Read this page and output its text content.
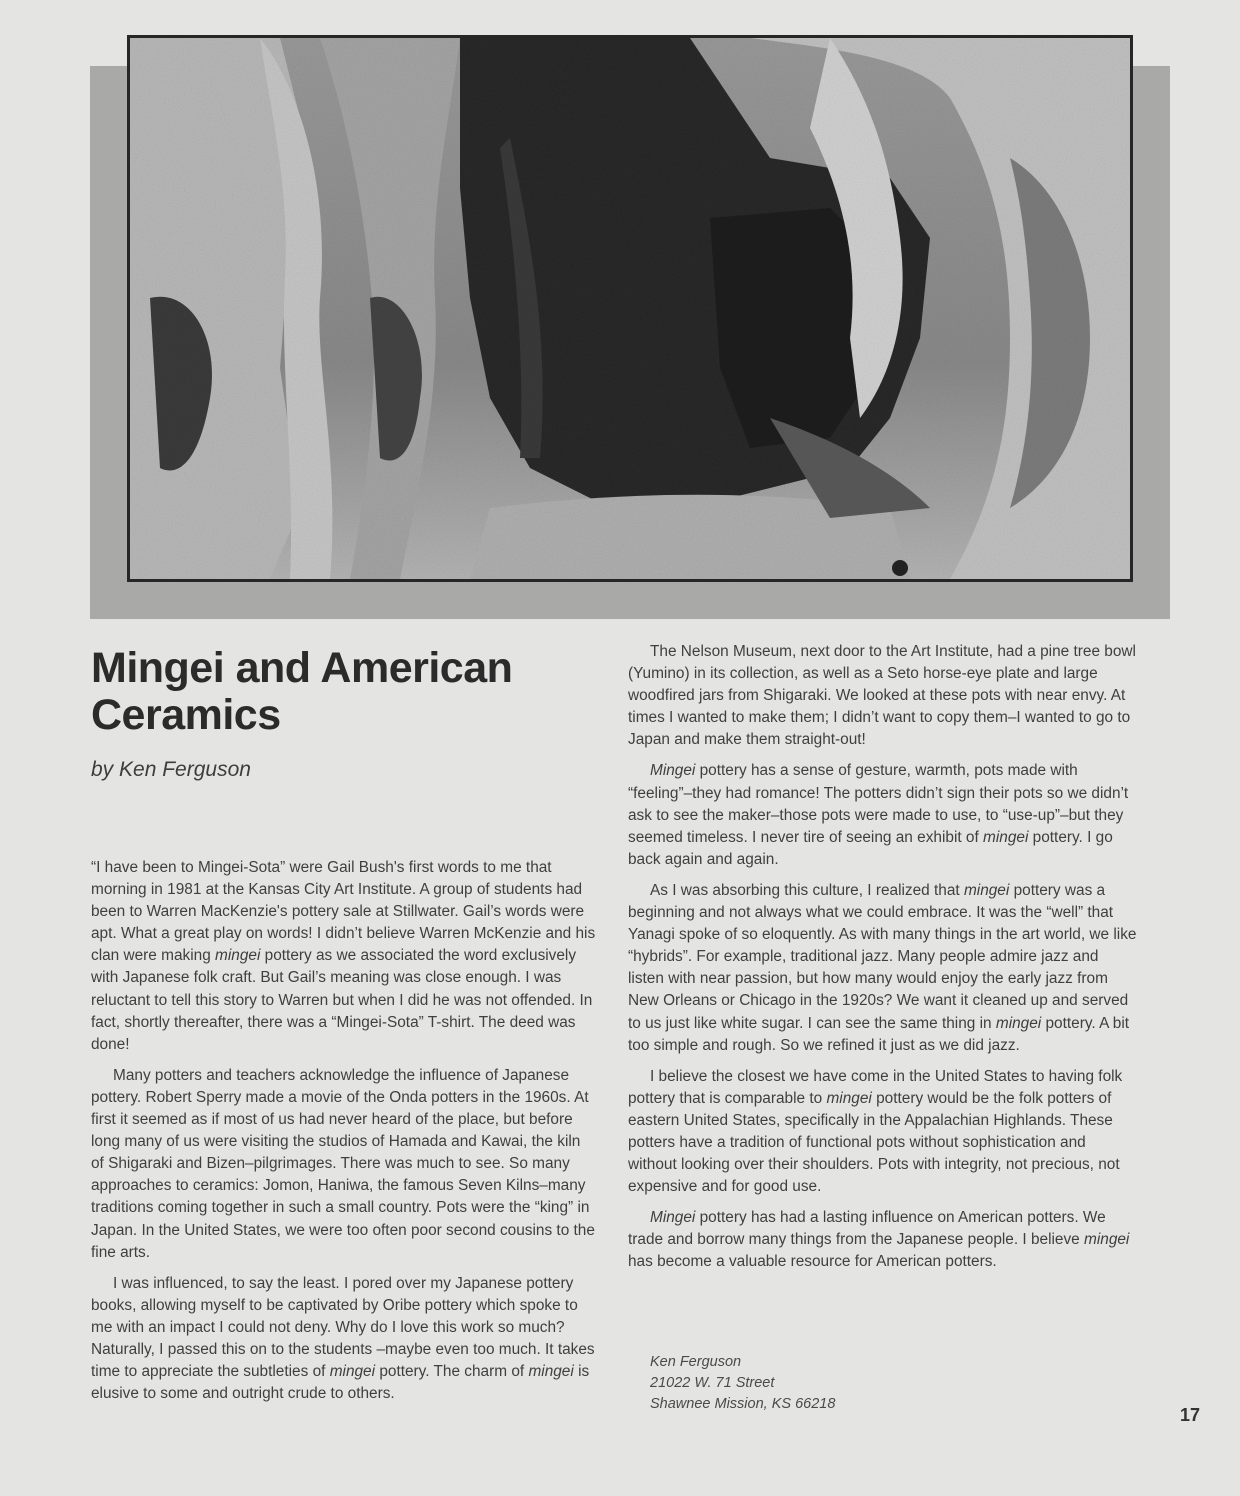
Mingei and American Ceramics
by Ken Ferguson

“I have been to Mingei-Sota” were Gail Bush's first words to me that morning in 1981 at the Kansas City Art Institute. A group of students had been to Warren MacKenzie's pottery sale at Stillwater. Gail’s words were apt. What a great play on words! I didn’t believe Warren McKenzie and his clan were making mingei pottery as we associated the word exclusively with Japanese folk craft. But Gail’s meaning was close enough. I was reluctant to tell this story to Warren but when I did he was not offended. In fact, shortly thereafter, there was a “Mingei-Sota” T-shirt. The deed was done!

Many potters and teachers acknowledge the influence of Japanese pottery. Robert Sperry made a movie of the Onda potters in the 1960s. At first it seemed as if most of us had never heard of the place, but before long many of us were visiting the studios of Hamada and Kawai, the kiln of Shigaraki and Bizen–pilgrimages. There was much to see. So many approaches to ceramics: Jomon, Haniwa, the famous Seven Kilns–many traditions coming together in such a small country. Pots were the “king” in Japan. In the United States, we were too often poor second cousins to the fine arts.

I was influenced, to say the least. I pored over my Japanese pottery books, allowing myself to be captivated by Oribe pottery which spoke to me with an impact I could not deny. Why do I love this work so much? Naturally, I passed this on to the students –maybe even too much. It takes time to appreciate the subtleties of mingei pottery. The charm of mingei is elusive to some and outright crude to others.

The Nelson Museum, next door to the Art Institute, had a pine tree bowl (Yumino) in its collection, as well as a Seto horse-eye plate and large woodfired jars from Shigaraki. We looked at these pots with near envy. At times I wanted to make them; I didn’t want to copy them–I wanted to go to Japan and make them straight-out!

Mingei pottery has a sense of gesture, warmth, pots made with “feeling”–they had romance! The potters didn’t sign their pots so we didn’t ask to see the maker–those pots were made to use, to “use-up”–but they seemed timeless. I never tire of seeing an exhibit of mingei pottery. I go back again and again.

As I was absorbing this culture, I realized that mingei pottery was a beginning and not always what we could embrace. It was the “well” that Yanagi spoke of so eloquently. As with many things in the art world, we like “hybrids”. For example, traditional jazz. Many people admire jazz and listen with near passion, but how many would enjoy the early jazz from New Orleans or Chicago in the 1920s? We want it cleaned up and served to us just like white sugar. I can see the same thing in mingei pottery. A bit too simple and rough. So we refined it just as we did jazz.

I believe the closest we have come in the United States to having folk pottery that is comparable to mingei pottery would be the folk potters of eastern United States, specifically in the Appalachian Highlands. These potters have a tradition of functional pots without sophistication and without looking over their shoulders. Pots with integrity, not precious, not expensive and for good use.

Mingei pottery has had a lasting influence on American potters. We trade and borrow many things from the Japanese people. I believe mingei has become a valuable resource for American potters.

Ken Ferguson
21022 W. 71 Street
Shawnee Mission, KS 66218
17
